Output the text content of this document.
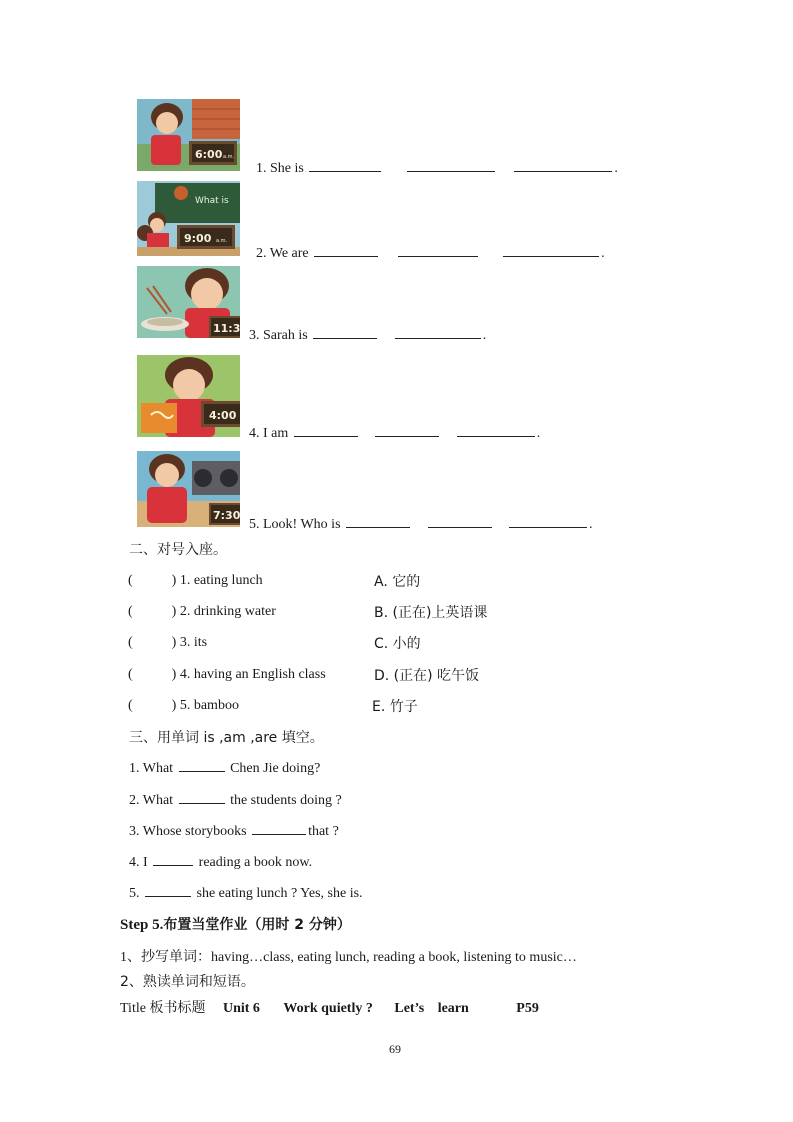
6:00 a.m.
What is
9:00 a.m.
11:3
4:00
7:30
1. She is	.
2. We are	.
3. Sarah is	.
4. I am	.
5. Look! Who is	.
二、对号入座。
(	) 1. eating lunch	A. 它的
(	) 2. drinking water	B. (正在)上英语课
(	) 3. its	C. 小的
(	) 4. having an English class	D. (正在) 吃午饭
(	) 5. bamboo	E. 竹子
三、用单词 is ,am ,are 填空。
1. What	Chen Jie doing?
2. What	the students doing ?
3. Whose storybooks	that ?
4. I	reading a book now.
5.	she eating lunch ? Yes, she is.
Step 5.布置当堂作业（用时 2 分钟）
1、抄写单词：having…class, eating lunch, reading a book, listening to music…
2、熟读单词和短语。
Title 板书标题 Unit 6 Work quietly ? Let’s learn	P59
69
